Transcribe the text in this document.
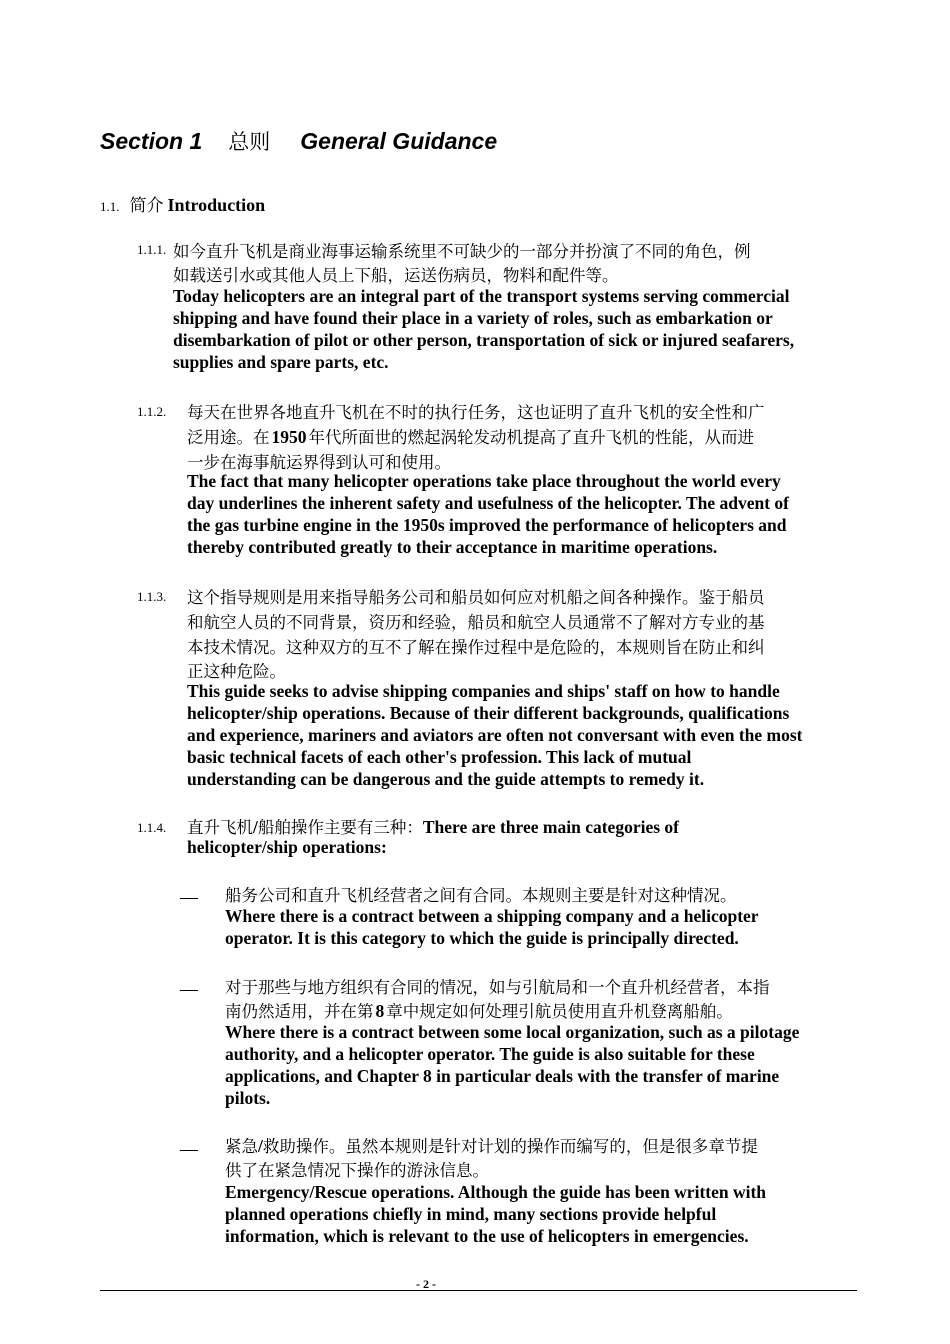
Section 1 总则 General Guidance
1.1. 简介 Introduction
1.1.1. 如今直升飞机是商业海事运输系统里不可缺少的一部分并扮演了不同的角色，例
如载送引水或其他人员上下船，运送伤病员，物料和配件等。
Today helicopters are an integral part of the transport systems serving commercial
shipping and have found their place in a variety of roles, such as embarkation or
disembarkation of pilot or other person, transportation of sick or injured seafarers,
supplies and spare parts, etc.
1.1.2. 每天在世界各地直升飞机在不时的执行任务，这也证明了直升飞机的安全性和广
泛用途。在 1950 年代所面世的燃起涡轮发动机提高了直升飞机的性能，从而进
一步在海事航运界得到认可和使用。
The fact that many helicopter operations take place throughout the world every
day underlines the inherent safety and usefulness of the helicopter. The advent of
the gas turbine engine in the 1950s improved the performance of helicopters and
thereby contributed greatly to their acceptance in maritime operations.
1.1.3. 这个指导规则是用来指导船务公司和船员如何应对机船之间各种操作。鉴于船员
和航空人员的不同背景，资历和经验，船员和航空人员通常不了解对方专业的基
本技术情况。这种双方的互不了解在操作过程中是危险的，本规则旨在防止和纠
正这种危险。
This guide seeks to advise shipping companies and ships' staff on how to handle
helicopter/ship operations. Because of their different backgrounds, qualifications
and experience, mariners and aviators are often not conversant with even the most
basic technical facets of each other's profession. This lack of mutual
understanding can be dangerous and the guide attempts to remedy it.
1.1.4. 直升飞机/船舶操作主要有三种：There are three main categories of
helicopter/ship operations:
船务公司和直升飞机经营者之间有合同。本规则主要是针对这种情况。
Where there is a contract between a shipping company and a helicopter
operator. It is this category to which the guide is principally directed.
对于那些与地方组织有合同的情况，如与引航局和一个直升机经营者，本指
南仍然适用，并在第 8 章中规定如何处理引航员使用直升机登离船舶。
Where there is a contract between some local organization, such as a pilotage
authority, and a helicopter operator. The guide is also suitable for these
applications, and Chapter 8 in particular deals with the transfer of marine
pilots.
紧急/救助操作。虽然本规则是针对计划的操作而编写的，但是很多章节提
供了在紧急情况下操作的游泳信息。
Emergency/Rescue operations. Although the guide has been written with
planned operations chiefly in mind, many sections provide helpful
information, which is relevant to the use of helicopters in emergencies.
- 2 -
